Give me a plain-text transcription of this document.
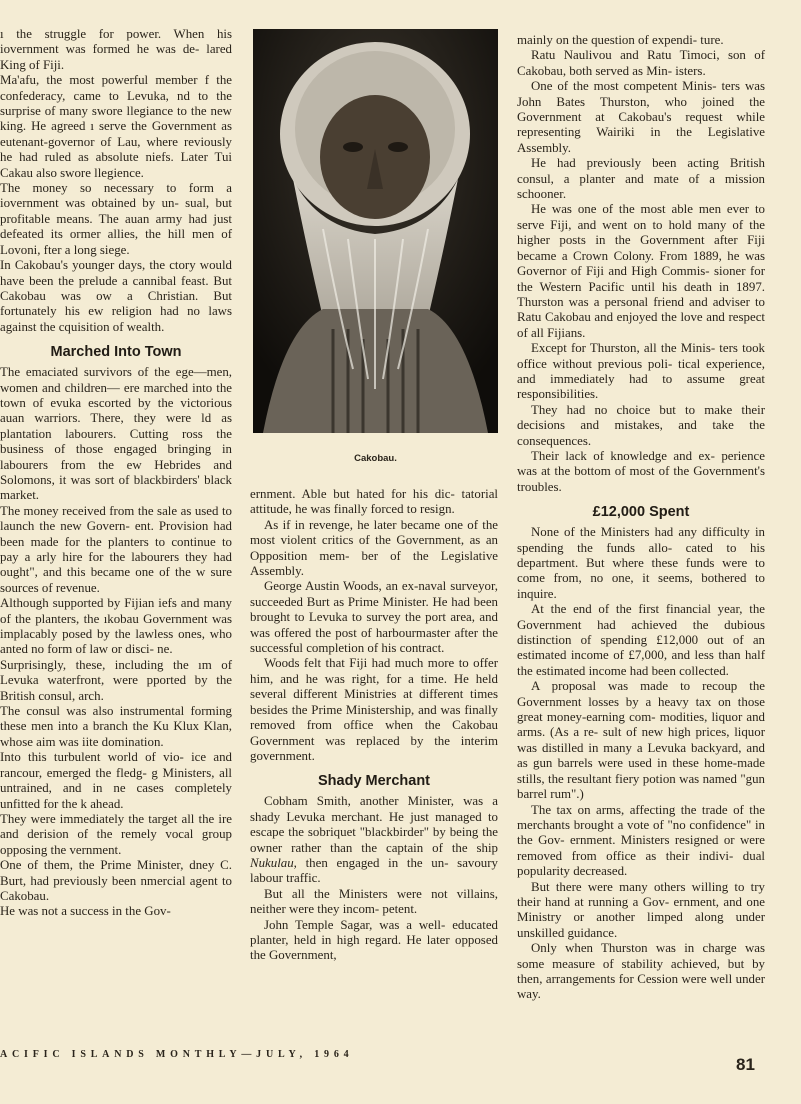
ı the struggle for power. When his iovernment was formed he was de- lared King of Fiji.

Ma'afu, the most powerful member f the confederacy, came to Levuka, nd to the surprise of many swore llegiance to the new king. He agreed ı serve the Government as eutenant-governor of Lau, where reviously he had ruled as absolute niefs. Later Tui Cakau also swore llegience.

The money so necessary to form a iovernment was obtained by un- sual, but profitable means. The auan army had just defeated its ormer allies, the hill men of Lovoni, fter a long siege.

In Cakobau's younger days, the ctory would have been the prelude a cannibal feast. But Cakobau was ow a Christian. But fortunately his ew religion had no laws against the cquisition of wealth.

Marched Into Town

The emaciated survivors of the ege—men, women and children— ere marched into the town of evuka escorted by the victorious auan warriors. There, they were ld as plantation labourers. Cutting ross the business of those engaged bringing in labourers from the ew Hebrides and Solomons, it was sort of blackbirders' black market.

The money received from the sale as used to launch the new Govern- ent. Provision had been made for the planters to continue to pay a arly hire for the labourers they had ought", and this became one of the w sure sources of revenue.

Although supported by Fijian iefs and many of the planters, the ıkobau Government was implacably posed by the lawless ones, who anted no form of law or disci- ne.

Surprisingly, these, including the ım of Levuka waterfront, were pported by the British consul, arch.

The consul was also instrumental forming these men into a branch the Ku Klux Klan, whose aim was iite domination.

Into this turbulent world of vio- ice and rancour, emerged the fledg- g Ministers, all untrained, and in ne cases completely unfitted for the k ahead.

They were immediately the target all the ire and derision of the remely vocal group opposing the vernment.

One of them, the Prime Minister, dney C. Burt, had previously been nmercial agent to Cakobau.

He was not a success in the Gov-

Cakobau.

ernment. Able but hated for his dic- tatorial attitude, he was finally forced to resign.

As if in revenge, he later became one of the most violent critics of the Government, as an Opposition mem- ber of the Legislative Assembly.

George Austin Woods, an ex-naval surveyor, succeeded Burt as Prime Minister. He had been brought to Levuka to survey the port area, and was offered the post of harbourmaster after the successful completion of his contract.

Woods felt that Fiji had much more to offer him, and he was right, for a time. He held several different Ministries at different times besides the Prime Ministership, and was finally removed from office when the Cakobau Government was replaced by the interim government.

Shady Merchant

Cobham Smith, another Minister, was a shady Levuka merchant. He just managed to escape the sobriquet "blackbirder" by being the owner rather than the captain of the ship Nukulau, then engaged in the un- savoury labour traffic.

But all the Ministers were not villains, neither were they incom- petent.

John Temple Sagar, was a well- educated planter, held in high regard. He later opposed the Government,

mainly on the question of expendi- ture.

Ratu Naulivou and Ratu Timoci, son of Cakobau, both served as Min- isters.

One of the most competent Minis- ters was John Bates Thurston, who joined the Government at Cakobau's request while representing Wairiki in the Legislative Assembly.

He had previously been acting British consul, a planter and mate of a mission schooner.

He was one of the most able men ever to serve Fiji, and went on to hold many of the higher posts in the Government after Fiji became a Crown Colony. From 1889, he was Governor of Fiji and High Commis- sioner for the Western Pacific until his death in 1897. Thurston was a personal friend and adviser to Ratu Cakobau and enjoyed the love and respect of all Fijians.

Except for Thurston, all the Minis- ters took office without previous poli- tical experience, and immediately had to assume great responsibilities.

They had no choice but to make their decisions and mistakes, and take the consequences.

Their lack of knowledge and ex- perience was at the bottom of most of the Government's troubles.

£12,000 Spent

None of the Ministers had any difficulty in spending the funds allo- cated to his department. But where these funds were to come from, no one, it seems, bothered to inquire.

At the end of the first financial year, the Government had achieved the dubious distinction of spending £12,000 out of an estimated income of £7,000, and less than half the estimated income had been collected.

A proposal was made to recoup the Government losses by a heavy tax on those great money-earning com- modities, liquor and arms. (As a re- sult of new high prices, liquor was distilled in many a Levuka backyard, and as gun barrels were used in these home-made stills, the resultant fiery potion was named "gun barrel rum".)

The tax on arms, affecting the trade of the merchants brought a vote of "no confidence" in the Gov- ernment. Ministers resigned or were removed from office as their indivi- dual popularity decreased.

But there were many others willing to try their hand at running a Gov- ernment, and one Ministry or another limped along under unskilled guidance.

Only when Thurston was in charge was some measure of stability achieved, but by then, arrangements for Cession were well under way.

ACIFIC ISLANDS MONTHLY—JULY, 1964
81
